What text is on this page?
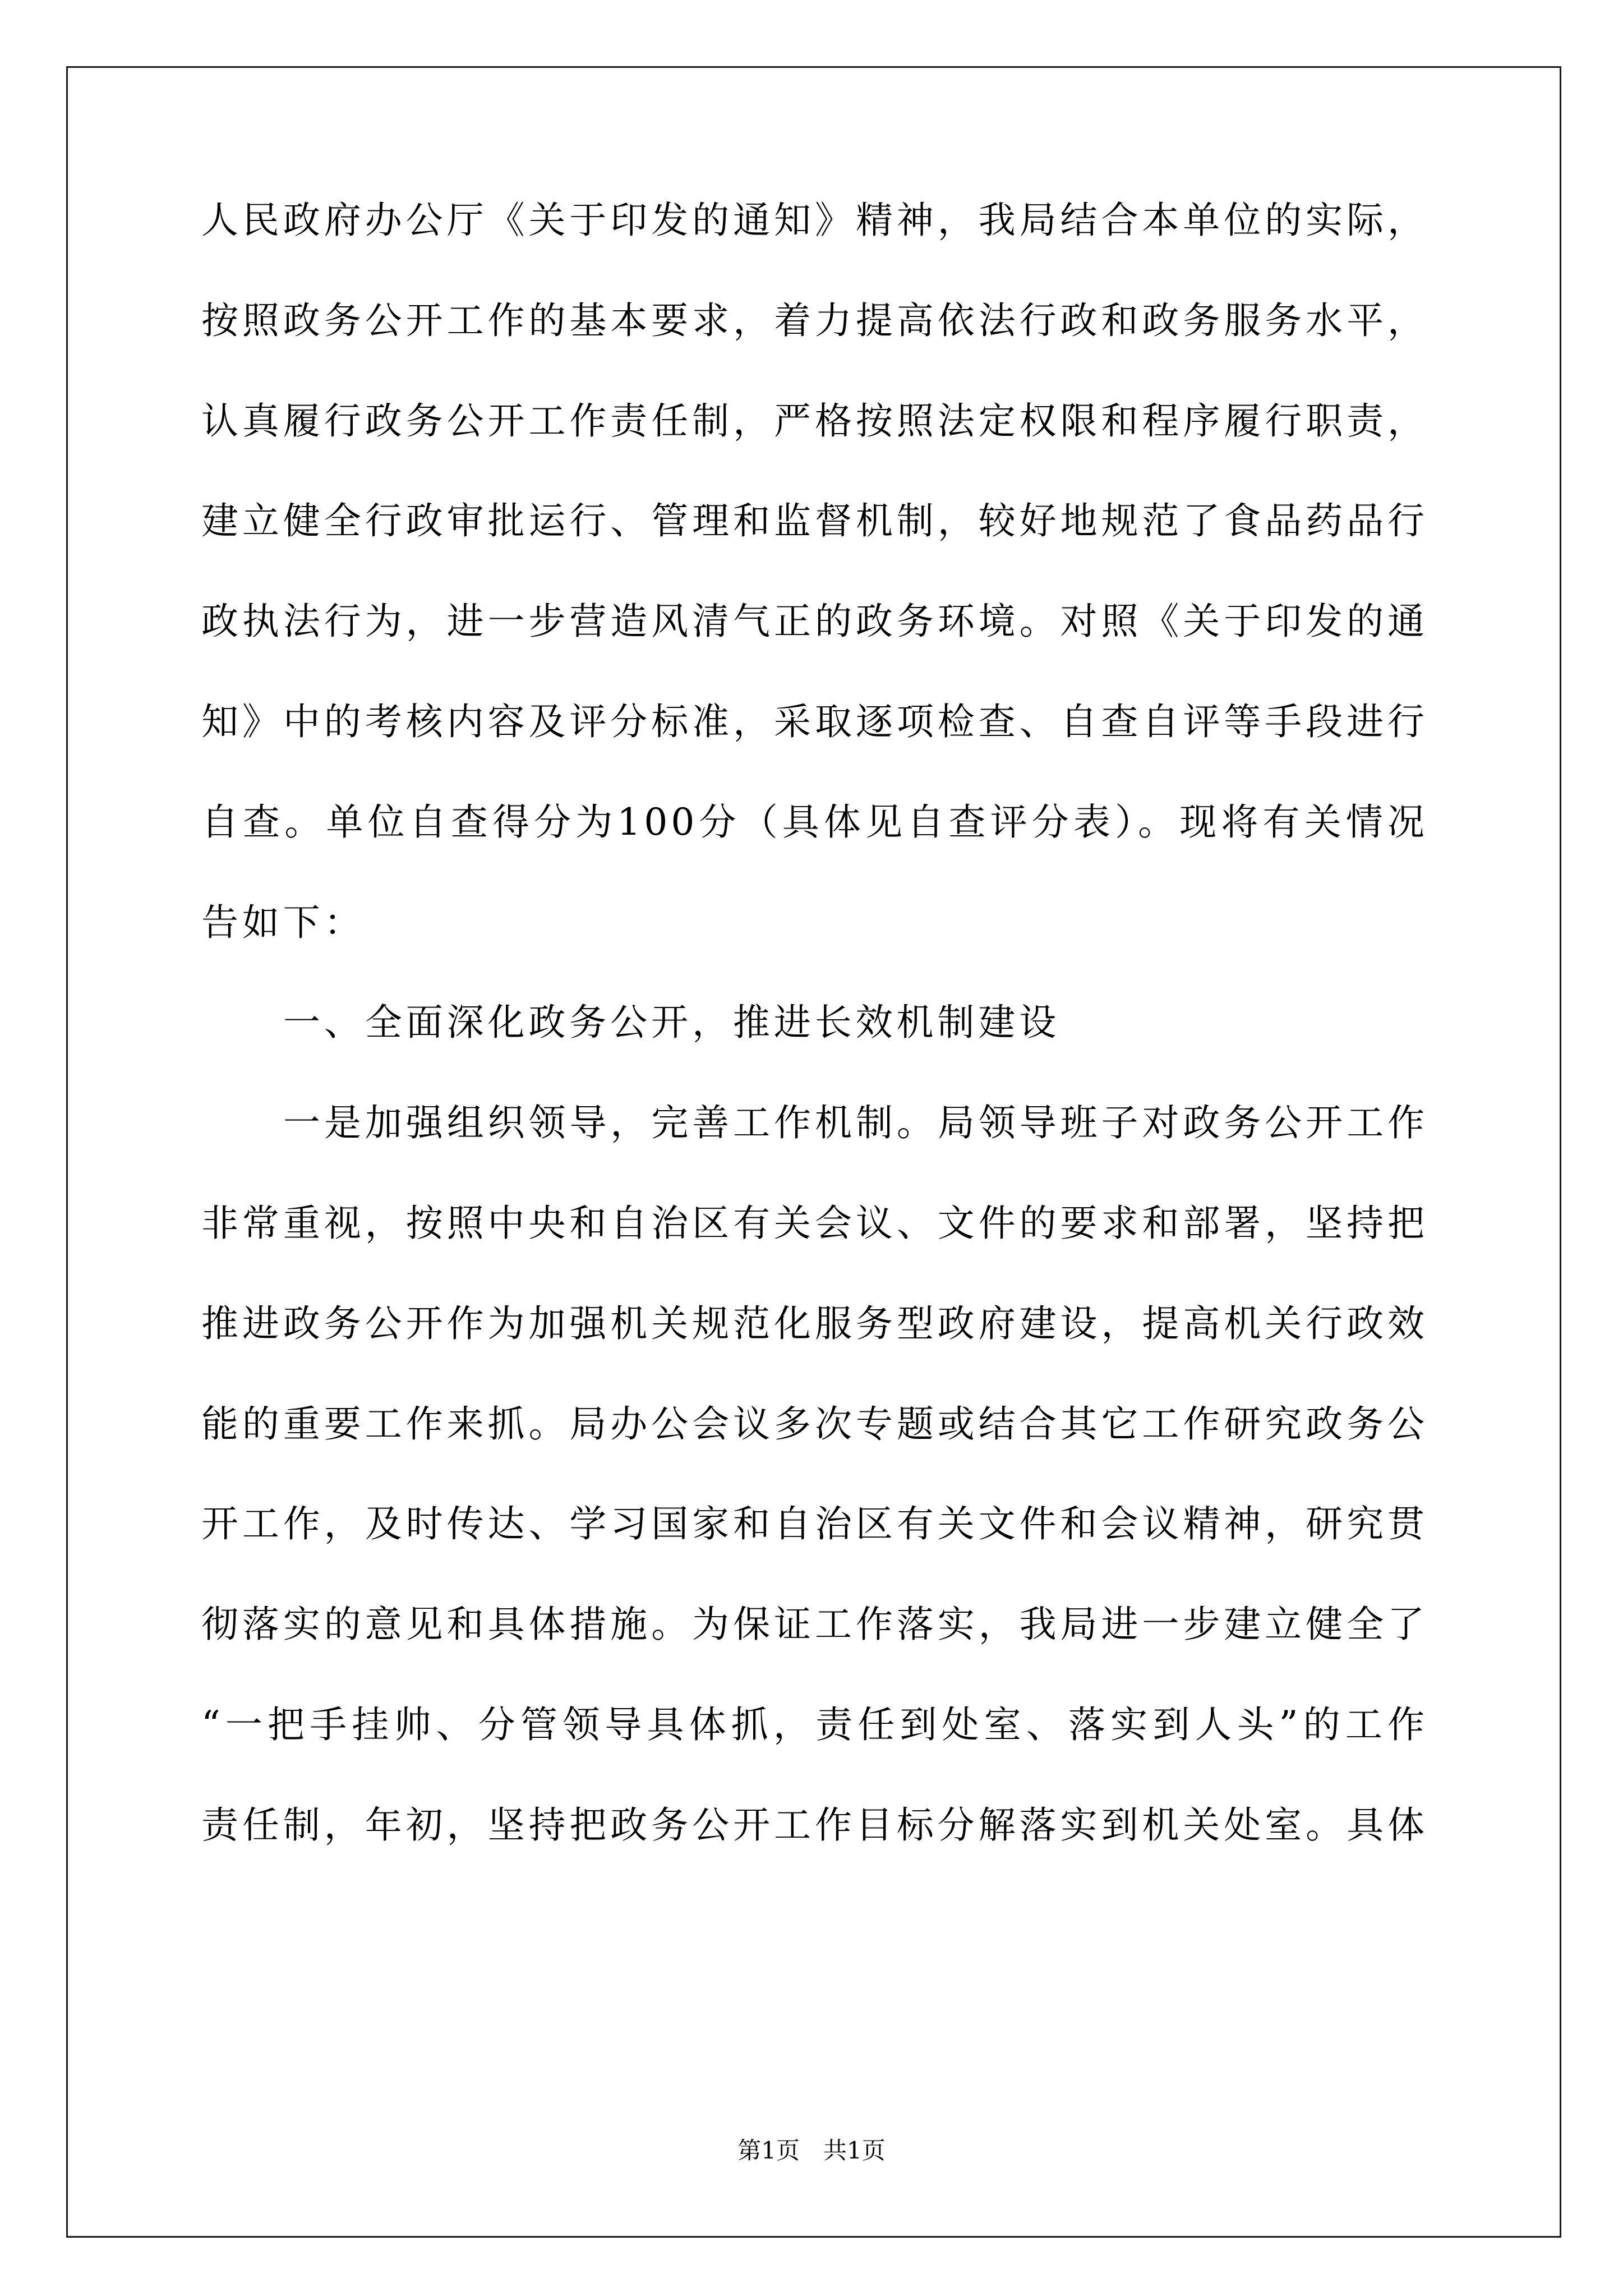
人民政府办公厅《关于印发的通知》精神，我局结合本单位的实际，
按照政务公开工作的基本要求，着力提高依法行政和政务服务水平，
认真履行政务公开工作责任制，严格按照法定权限和程序履行职责，
建立健全行政审批运行、管理和监督机制，较好地规范了食品药品行
政执法行为，进一步营造风清气正的政务环境。对照《关于印发的通
知》中的考核内容及评分标准，采取逐项检查、自查自评等手段进行
自查。单位自查得分为100分（具体见自查评分表）。现将有关情况
告如下：
一、全面深化政务公开，推进长效机制建设
一是加强组织领导，完善工作机制。局领导班子对政务公开工作
非常重视，按照中央和自治区有关会议、文件的要求和部署，坚持把
推进政务公开作为加强机关规范化服务型政府建设，提高机关行政效
能的重要工作来抓。局办公会议多次专题或结合其它工作研究政务公
开工作，及时传达、学习国家和自治区有关文件和会议精神，研究贯
彻落实的意见和具体措施。为保证工作落实，我局进一步建立健全了
“一把手挂帅、分管领导具体抓，责任到处室、落实到人头”的工作
责任制，年初，坚持把政务公开工作目标分解落实到机关处室。具体
第1页　共1页
